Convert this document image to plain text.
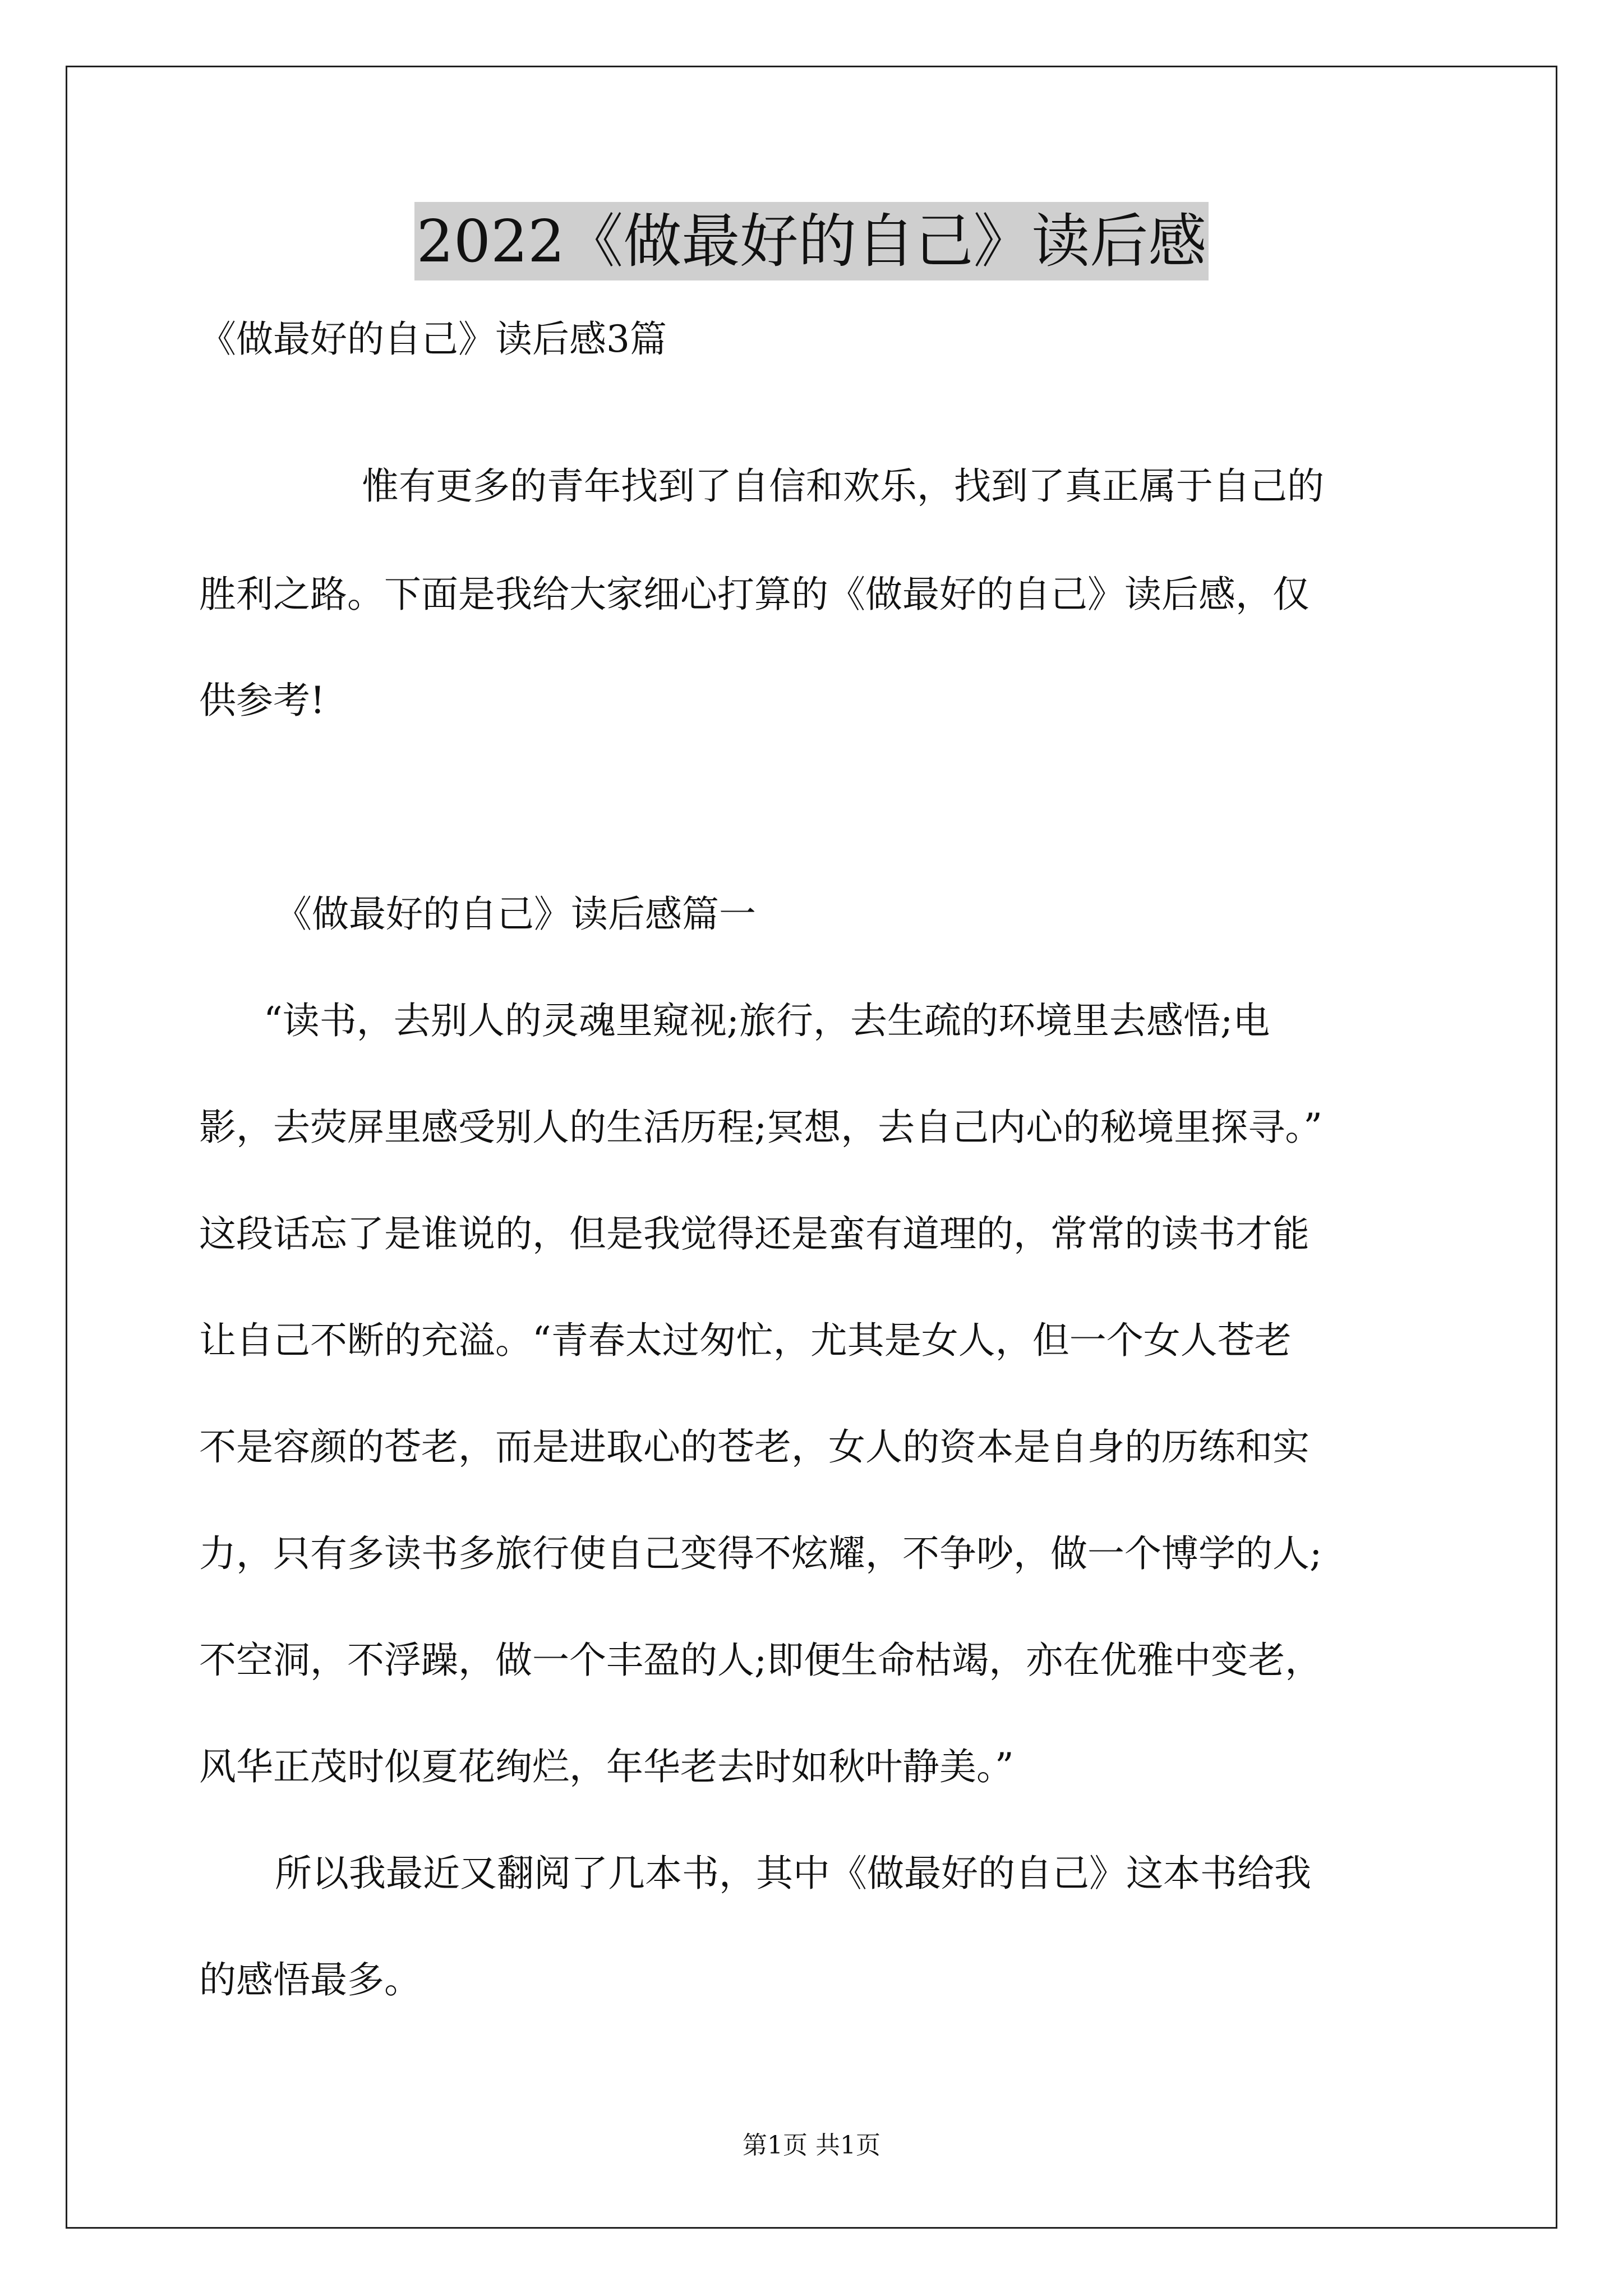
2022《做最好的自己》读后感
《做最好的自己》读后感3篇
惟有更多的青年找到了自信和欢乐，找到了真正属于自己的
胜利之路。下面是我给大家细心打算的《做最好的自己》读后感，仅
供参考!
《做最好的自己》读后感篇一
“读书，去别人的灵魂里窥视;旅行，去生疏的环境里去感悟;电
影，去荧屏里感受别人的生活历程;冥想，去自己内心的秘境里探寻。”
这段话忘了是谁说的，但是我觉得还是蛮有道理的，常常的读书才能
让自己不断的充溢。“青春太过匆忙，尤其是女人，但一个女人苍老
不是容颜的苍老，而是进取心的苍老，女人的资本是自身的历练和实
力，只有多读书多旅行使自己变得不炫耀，不争吵，做一个博学的人;
不空洞，不浮躁，做一个丰盈的人;即便生命枯竭，亦在优雅中变老，
风华正茂时似夏花绚烂，年华老去时如秋叶静美。”
所以我最近又翻阅了几本书，其中《做最好的自己》这本书给我
的感悟最多。
第1页 共1页
